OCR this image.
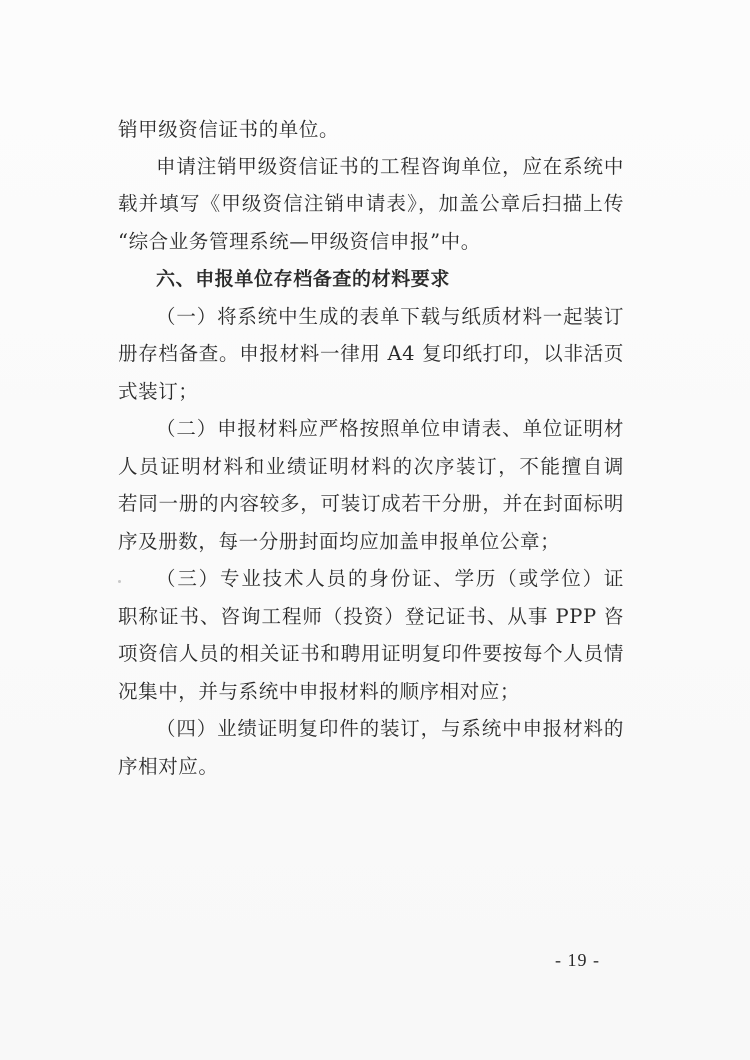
销甲级资信证书的单位。
申请注销甲级资信证书的工程咨询单位，应在系统中
载并填写《甲级资信注销申请表》，加盖公章后扫描上传
“综合业务管理系统—甲级资信申报”中。
六、申报单位存档备查的材料要求
（一）将系统中生成的表单下载与纸质材料一起装订
册存档备查。申报材料一律用 A4 复印纸打印，以非活页
式装订；
（二）申报材料应严格按照单位申请表、单位证明材
人员证明材料和业绩证明材料的次序装订，不能擅自调
若同一册的内容较多，可装订成若干分册，并在封面标明
序及册数，每一分册封面均应加盖申报单位公章；
（三）专业技术人员的身份证、学历（或学位）证
职称证书、咨询工程师（投资）登记证书、从事 PPP 咨
项资信人员的相关证书和聘用证明复印件要按每个人员情
况集中，并与系统中申报材料的顺序相对应；
（四）业绩证明复印件的装订，与系统中申报材料的
序相对应。
- 19 -
